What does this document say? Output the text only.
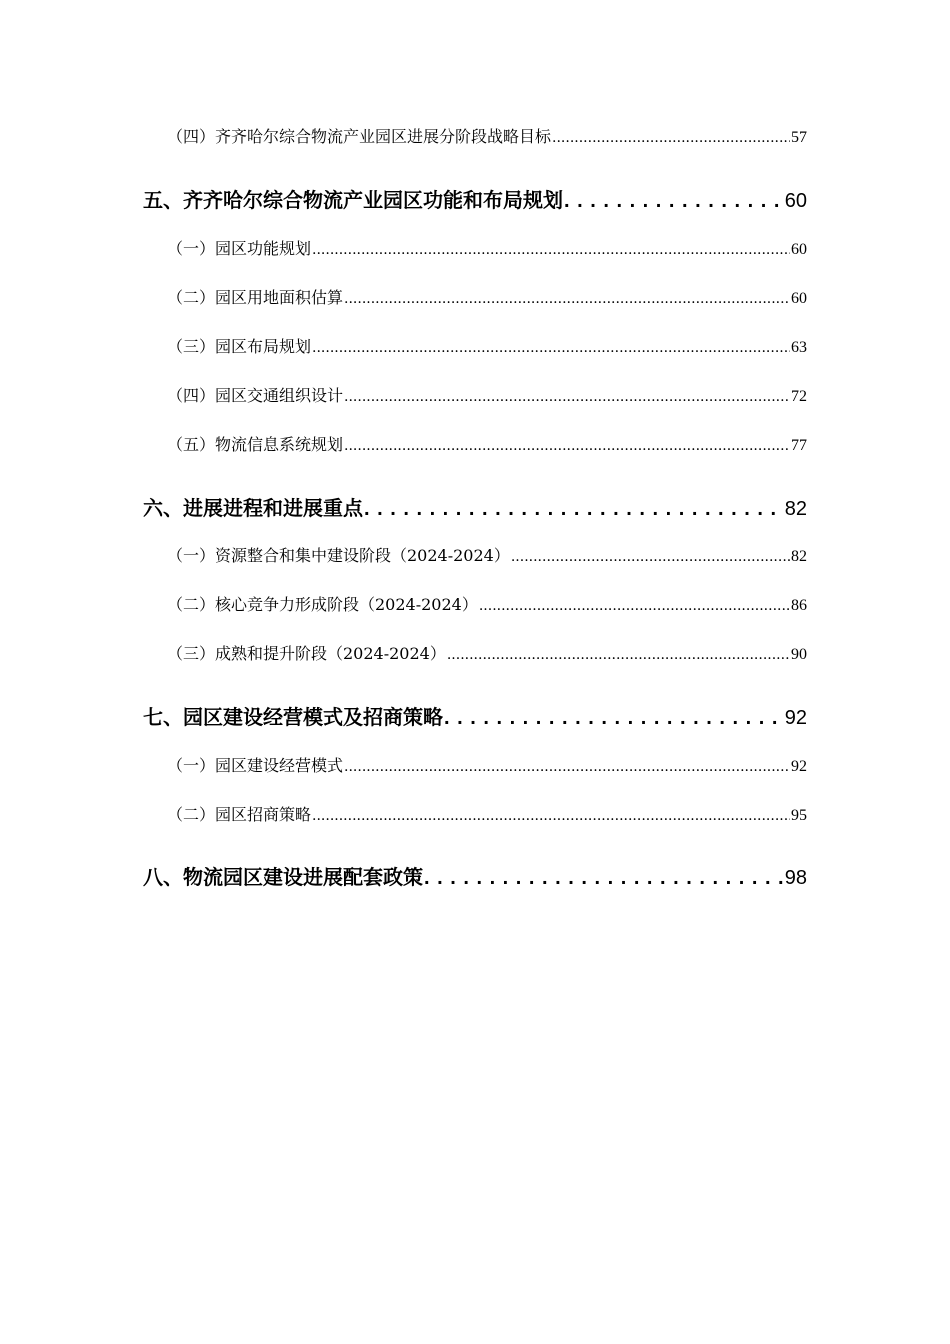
（四）齐齐哈尔综合物流产业园区进展分阶段战略目标 .....	57
五、齐齐哈尔综合物流产业园区功能和布局规划 . . .	60
（一）园区功能规划 .....	60
（二）园区用地面积估算 .....	60
（三）园区布局规划 .....	63
（四）园区交通组织设计 .....	72
（五）物流信息系统规划 .....	77
六、进展进程和进展重点 . . .	82
（一）资源整合和集中建设阶段（2024-2024） .....	82
（二）核心竞争力形成阶段（2024-2024） .....	86
（三）成熟和提升阶段（2024-2024） .....	90
七、园区建设经营模式及招商策略 . . .	92
（一）园区建设经营模式 .....	92
（二）园区招商策略 .....	95
八、物流园区建设进展配套政策 . . .	98
